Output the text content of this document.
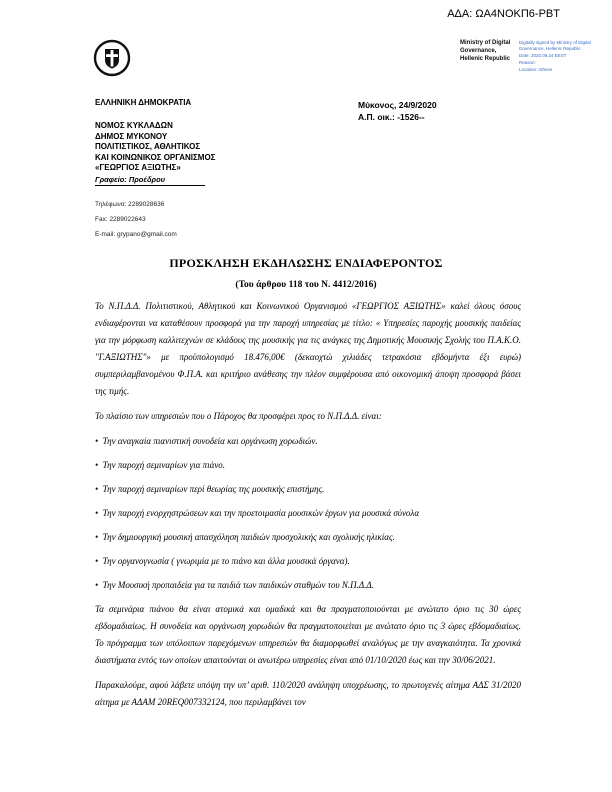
ΑΔΑ: ΩΑ4ΝΟΚΠ6-ΡΒΤ
Ministry of Digital
Governance,
Hellenic Republic
Digitally signed by Ministry of Digital Governance, Hellenic Republic
Date: 2020.09.24 EEST
Reason:
Location: Athens
ΕΛΛΗΝΙΚΗ ΔΗΜΟΚΡΑΤΙΑ
ΝΟΜΟΣ ΚΥΚΛΑΔΩΝ
ΔΗΜΟΣ ΜΥΚΟΝΟΥ
ΠΟΛΙΤΙΣΤΙΚΟΣ, ΑΘΛΗΤΙΚΟΣ
ΚΑΙ ΚΟΙΝΩΝΙΚΟΣ ΟΡΓΑΝΙΣΜΟΣ
«ΓΕΩΡΓΙΟΣ ΑΞΙΩΤΗΣ»
Γραφείο: Προέδρου
Τηλέφωνα: 2289028636
Fax: 2289022643
E-mail: grypano@gmail.com
Μύκονος, 24/9/2020
Α.Π. οικ.: -1526--
ΠΡΟΣΚΛΗΣΗ ΕΚΔΗΛΩΣΗΣ ΕΝΔΙΑΦΕΡΟΝΤΟΣ
(Του άρθρου 118 του Ν. 4412/2016)

Το Ν.Π.Δ.Δ. Πολιτιστικού, Αθλητικού και Κοινωνικού Οργανισμού «ΓΕΩΡΓΙΟΣ ΑΞΙΩΤΗΣ» καλεί όλους όσους ενδιαφέρονται να καταθέσουν προσφορά για την παροχή υπηρεσίας με τίτλο: « Υπηρεσίες παροχής μουσικής παιδείας για την μόρφωση καλλιτεχνών σε κλάδους της μουσικής για τις ανάγκες της Δημοτικής Μουσικής Σχολής του Π.Α.Κ.Ο. "Γ.ΑΞΙΩΤΗΣ"» με προϋπολογισμό 18.476,00€ (δεκαοχτώ χιλιάδες τετρακόσια εβδομήντα έξι ευρώ) συμπεριλαμβανομένου Φ.Π.Α. και κριτήριο ανάθεσης την πλέον συμφέρουσα από οικονομική άποψη προσφορά βάσει της τιμής.

Το πλαίσιο των υπηρεσιών που ο Πάροχος θα προσφέρει προς το Ν.Π.Δ.Δ. είναι:

•  Την αναγκαία πιανιστική συνοδεία και οργάνωση χορωδιών.
•  Την παροχή σεμιναρίων για πιάνο.
•  Την παροχή σεμιναρίων περί θεωρίας της μουσικής επιστήμης.
•  Την παροχή ενορχηστρώσεων και την προετοιμασία μουσικών έργων για μουσικά σύνολα
•  Την δημιουργική μουσική απασχόληση παιδιών προσχολικής και σχολικής ηλικίας.
•  Την οργανογνωσία ( γνωριμία με το πιάνο και άλλα μουσικά όργανα).
•  Την Μουσική προπαιδεία για τα παιδιά των παιδικών σταθμών του Ν.Π.Δ.Δ.

Τα σεμινάρια πιάνου θα είναι ατομικά και ομαδικά και θα πραγματοποιούνται με ανώτατο όριο τις 30 ώρες εβδομαδιαίως. Η συνοδεία και οργάνωση χορωδιών θα πραγματοποιείται με ανώτατο όριο τις 3 ώρες εβδομαδιαίως. Το πρόγραμμα των υπόλοιπων παρεχόμενων υπηρεσιών θα διαμορφωθεί αναλόγως με την αναγκαιότητα. Τα χρονικά διαστήματα εντός των οποίων απαιτούνται οι ανωτέρω υπηρεσίες είναι από 01/10/2020 έως και την 30/06/2021.

Παρακαλούμε, αφού λάβετε υπόψη την υπ’ αριθ. 110/2020 ανάληψη υποχρέωσης, το πρωτογενές αίτημα ΑΔΣ 31/2020 αίτημα με ΑΔΑΜ 20REQ007332124, που περιλαμβάνει τον
